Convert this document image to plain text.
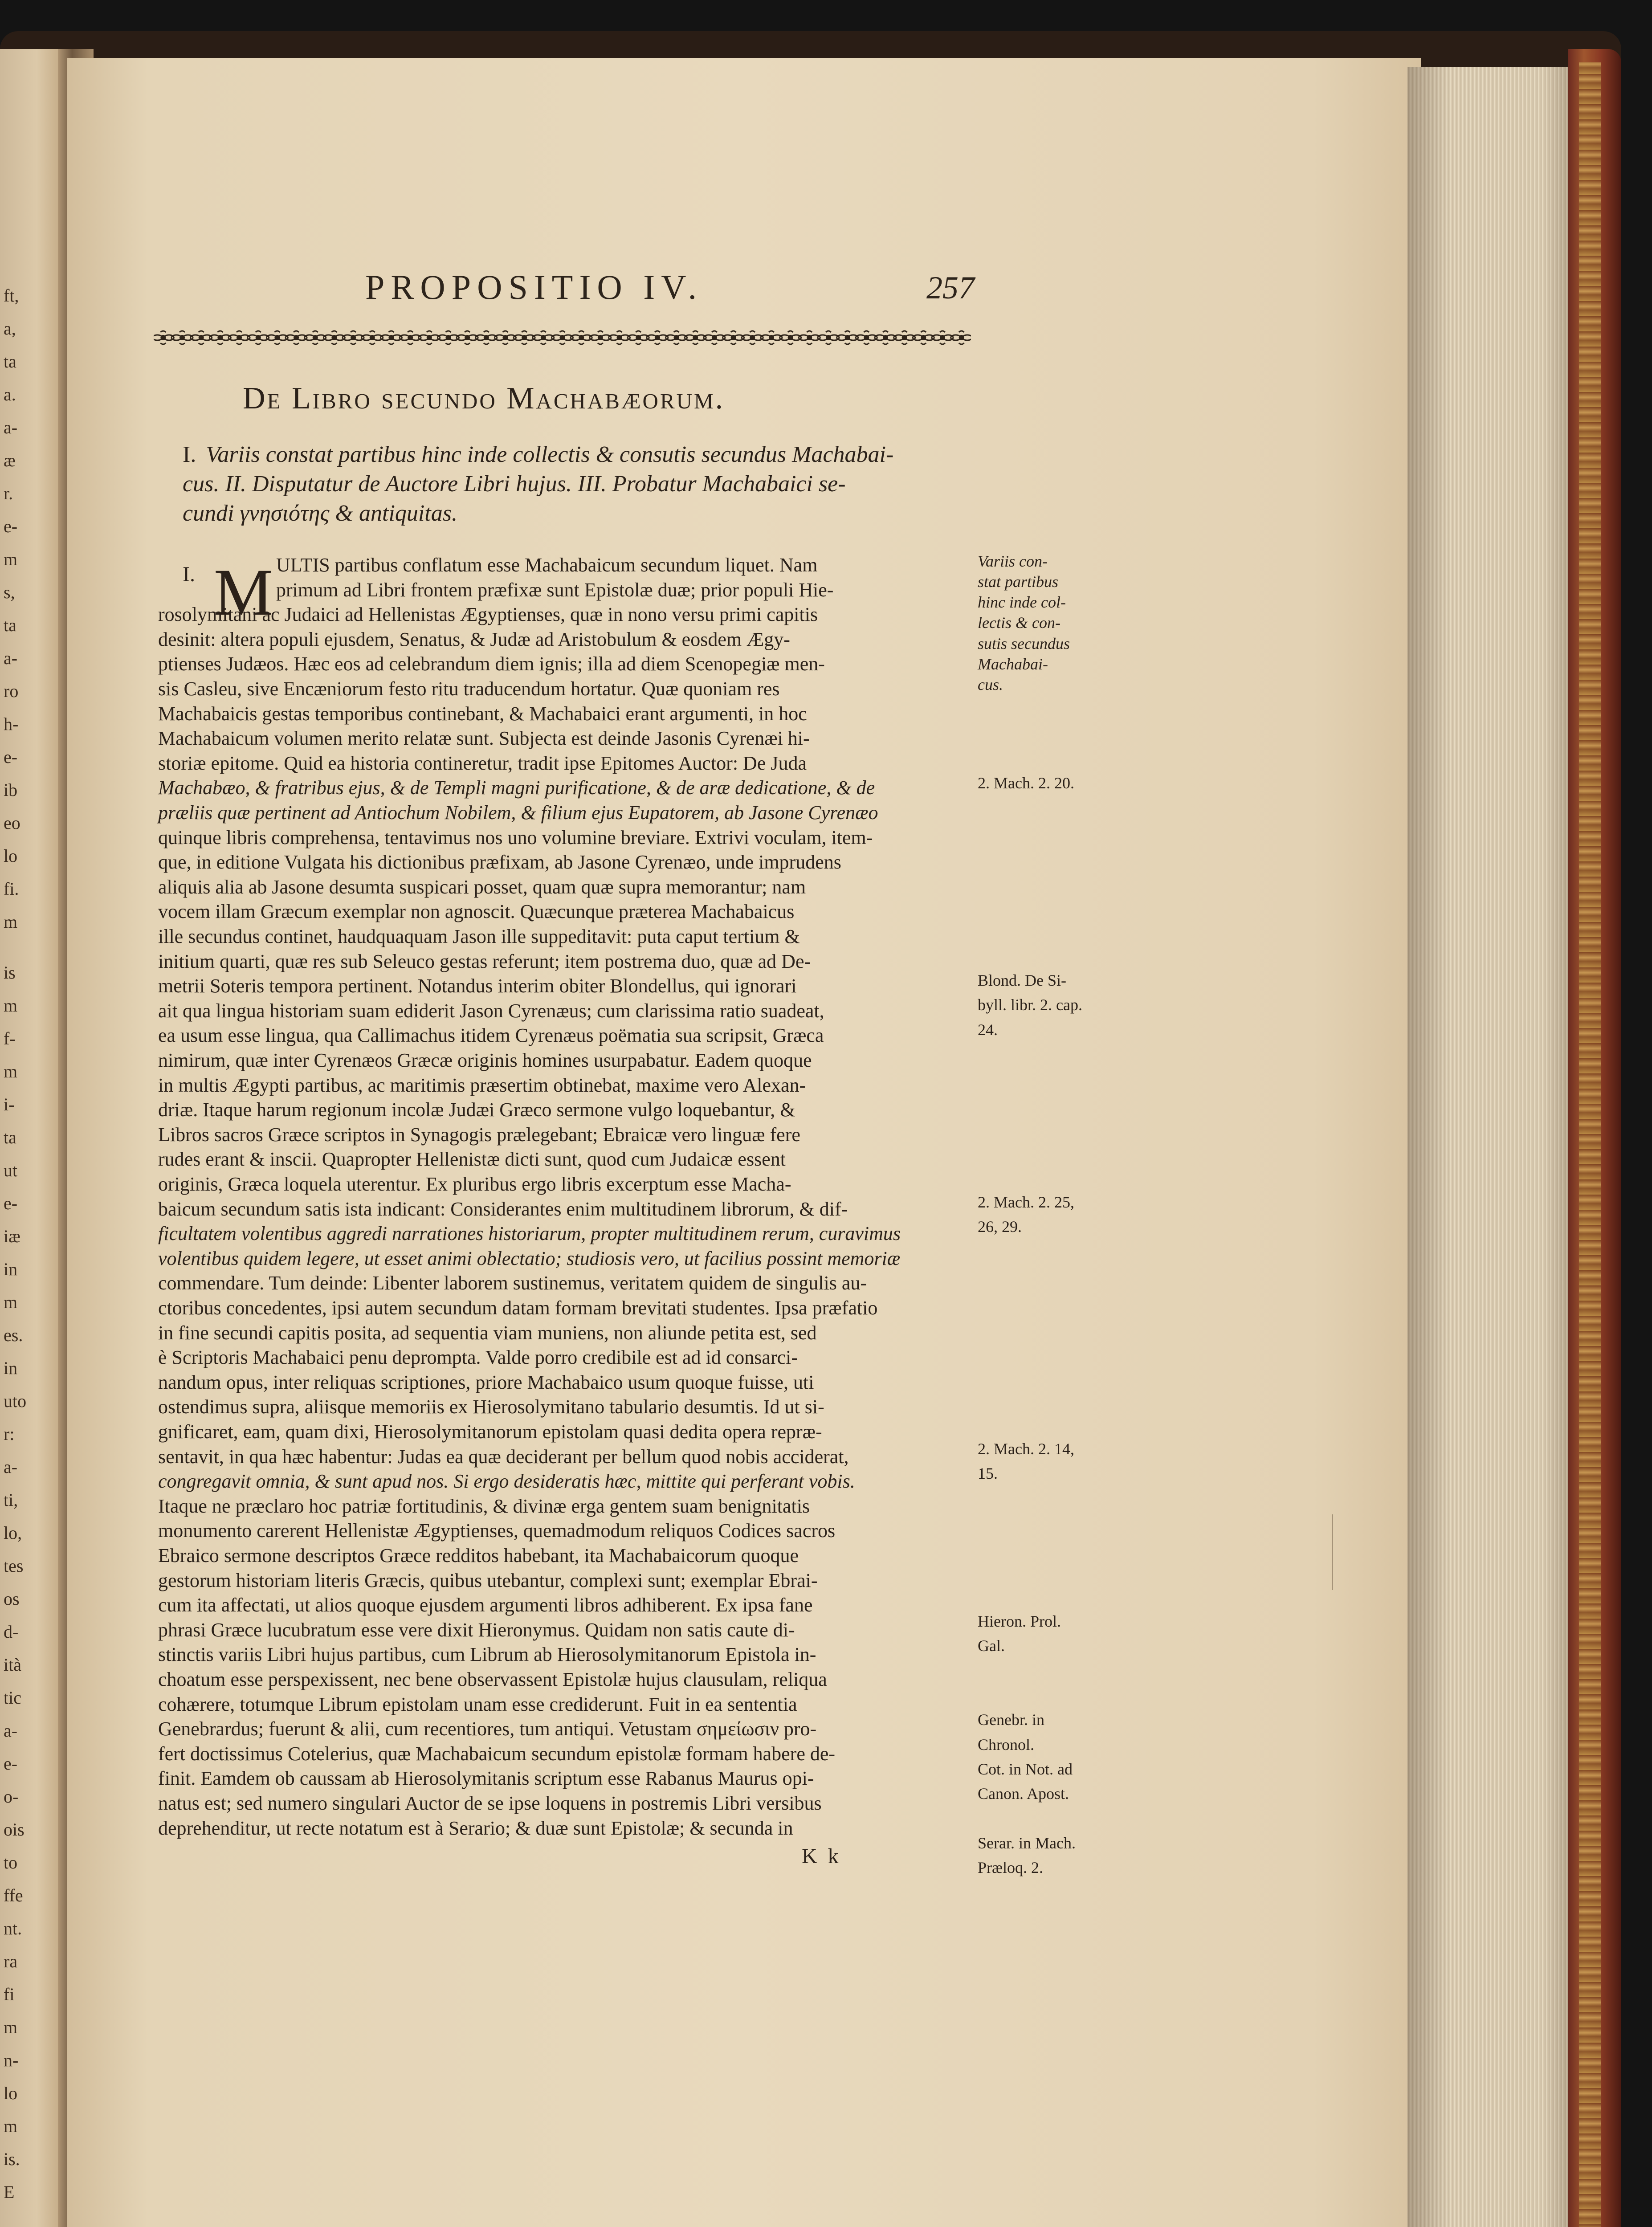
ft,
a,
ta
a.
a-
æ
r.
e-
m
s,
ta
a-
ro
h-
e-
ib
eo
lo
fi.
m
is
m
f-
m
i-
ta
ut
e-
iæ
in
m
es.
in
uto
r:
a-
ti,
lo,
tes
os
d-
ità
tic
a-
e-
o-
ois
to
ffe
nt.
ra
fi
m
n-
lo
m
is.
E
PROPOSITIO IV.	257
De Libro secundo Machabæorum.
I. Variis constat partibus hinc inde collectis & consutis secundus Machabai-
cus. II. Disputatur de Auctore Libri hujus. III. Probatur Machabaici se-
cundi γνησιότης & antiquitas.
I. M ULTIS partibus conflatum esse Machabaicum secundum liquet. Nam
primum ad Libri frontem præfixæ sunt Epistolæ duæ; prior populi Hie-
rosolymitani ac Judaici ad Hellenistas Ægyptienses, quæ in nono versu primi capitis
desinit: altera populi ejusdem, Senatus, & Judæ ad Aristobulum & eosdem Ægy-
ptienses Judæos. Hæc eos ad celebrandum diem ignis; illa ad diem Scenopegiæ men-
sis Casleu, sive Encæniorum festo ritu traducendum hortatur. Quæ quoniam res
Machabaicis gestas temporibus continebant, & Machabaici erant argumenti, in hoc
Machabaicum volumen merito relatæ sunt. Subjecta est deinde Jasonis Cyrenæi hi-
storiæ epitome. Quid ea historia contineretur, tradit ipse Epitomes Auctor: De Juda
Machabæo, & fratribus ejus, & de Templi magni purificatione, & de aræ dedicatione, & de
præliis quæ pertinent ad Antiochum Nobilem, & filium ejus Eupatorem, ab Jasone Cyrenæo
quinque libris comprehensa, tentavimus nos uno volumine breviare. Extrivi voculam, item-
que, in editione Vulgata his dictionibus præfixam, ab Jasone Cyrenæo, unde imprudens
aliquis alia ab Jasone desumta suspicari posset, quam quæ supra memorantur; nam
vocem illam Græcum exemplar non agnoscit. Quæcunque præterea Machabaicus
ille secundus continet, haudquaquam Jason ille suppeditavit: puta caput tertium &
initium quarti, quæ res sub Seleuco gestas referunt; item postrema duo, quæ ad De-
metrii Soteris tempora pertinent. Notandus interim obiter Blondellus, qui ignorari
ait qua lingua historiam suam ediderit Jason Cyrenæus; cum clarissima ratio suadeat,
ea usum esse lingua, qua Callimachus itidem Cyrenæus poëmatia sua scripsit, Græca
nimirum, quæ inter Cyrenæos Græcæ originis homines usurpabatur. Eadem quoque
in multis Ægypti partibus, ac maritimis præsertim obtinebat, maxime vero Alexan-
driæ. Itaque harum regionum incolæ Judæi Græco sermone vulgo loquebantur, &
Libros sacros Græce scriptos in Synagogis prælegebant; Ebraicæ vero linguæ fere
rudes erant & inscii. Quapropter Hellenistæ dicti sunt, quod cum Judaicæ essent
originis, Græca loquela uterentur. Ex pluribus ergo libris excerptum esse Macha-
baicum secundum satis ista indicant: Considerantes enim multitudinem librorum, & dif-
ficultatem volentibus aggredi narrationes historiarum, propter multitudinem rerum, curavimus
volentibus quidem legere, ut esset animi oblectatio; studiosis vero, ut facilius possint memoriæ
commendare. Tum deinde: Libenter laborem sustinemus, veritatem quidem de singulis au-
ctoribus concedentes, ipsi autem secundum datam formam brevitati studentes. Ipsa præfatio
in fine secundi capitis posita, ad sequentia viam muniens, non aliunde petita est, sed
è Scriptoris Machabaici penu deprompta. Valde porro credibile est ad id consarci-
nandum opus, inter reliquas scriptiones, priore Machabaico usum quoque fuisse, uti
ostendimus supra, aliisque memoriis ex Hierosolymitano tabulario desumtis. Id ut si-
gnificaret, eam, quam dixi, Hierosolymitanorum epistolam quasi dedita opera repræ-
sentavit, in qua hæc habentur: Judas ea quæ deciderant per bellum quod nobis acciderat,
congregavit omnia, & sunt apud nos. Si ergo desideratis hæc, mittite qui perferant vobis.
Itaque ne præclaro hoc patriæ fortitudinis, & divinæ erga gentem suam benignitatis
monumento carerent Hellenistæ Ægyptienses, quemadmodum reliquos Codices sacros
Ebraico sermone descriptos Græce redditos habebant, ita Machabaicorum quoque
gestorum historiam literis Græcis, quibus utebantur, complexi sunt; exemplar Ebrai-
cum ita affectati, ut alios quoque ejusdem argumenti libros adhiberent. Ex ipsa fane
phrasi Græce lucubratum esse vere dixit Hieronymus. Quidam non satis caute di-
stinctis variis Libri hujus partibus, cum Librum ab Hierosolymitanorum Epistola in-
choatum esse perspexissent, nec bene observassent Epistolæ hujus clausulam, reliqua
cohærere, totumque Librum epistolam unam esse crediderunt. Fuit in ea sententia
Genebrardus; fuerunt & alii, cum recentiores, tum antiqui. Vetustam σημείωσιν pro-
fert doctissimus Cotelerius, quæ Machabaicum secundum epistolæ formam habere de-
finit. Eamdem ob caussam ab Hierosolymitanis scriptum esse Rabanus Maurus opi-
natus est; sed numero singulari Auctor de se ipse loquens in postremis Libri versibus
deprehenditur, ut recte notatum est à Serario; & duæ sunt Epistolæ; & secunda in
Variis con-
stat partibus
hinc inde col-
lectis & con-
sutis secundus
Machabai-
cus.
2. Mach. 2. 20.
Blond. De Si-
byll. libr. 2. cap.
24.
2. Mach. 2. 25,
26, 29.
2. Mach. 2. 14,
15.
Hieron. Prol.
Gal.
Genebr. in
Chronol.
Cot. in Not. ad
Canon. Apost.
Serar. in Mach.
Præloq. 2.
K k
